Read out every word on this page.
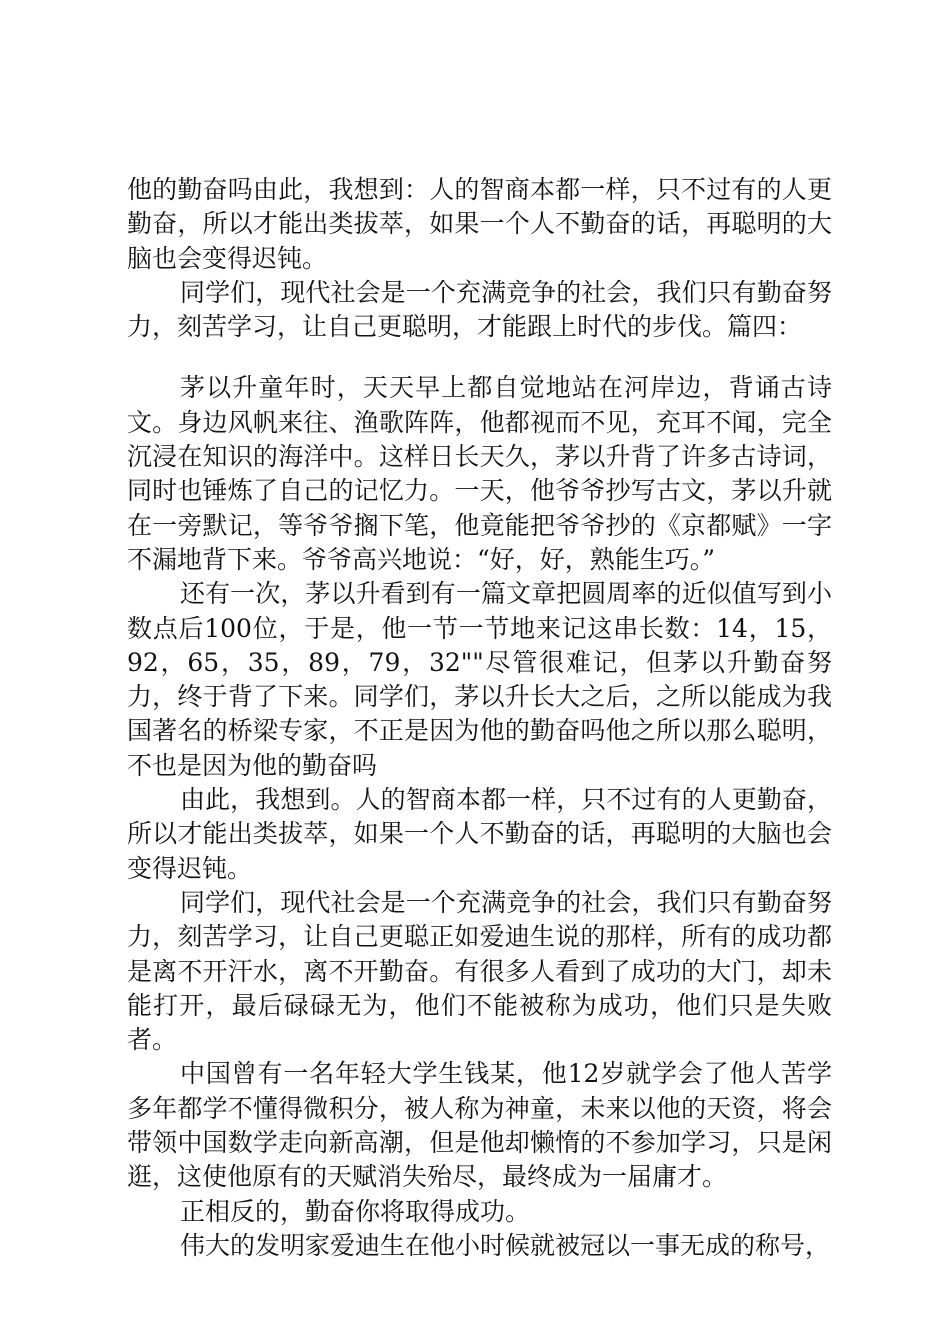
他的勤奋吗由此，我想到：人的智商本都一样，只不过有的人更勤奋，所以才能出类拔萃，如果一个人不勤奋的话，再聪明的大脑也会变得迟钝。

同学们，现代社会是一个充满竞争的社会，我们只有勤奋努力，刻苦学习，让自己更聪明，才能跟上时代的步伐。篇四：

茅以升童年时，天天早上都自觉地站在河岸边，背诵古诗文。身边风帆来往、渔歌阵阵，他都视而不见，充耳不闻，完全沉浸在知识的海洋中。这样日长天久，茅以升背了许多古诗词，同时也锤炼了自己的记忆力。一天，他爷爷抄写古文，茅以升就在一旁默记，等爷爷搁下笔，他竟能把爷爷抄的《京都赋》一字不漏地背下来。爷爷高兴地说：“好，好，熟能生巧。”

还有一次，茅以升看到有一篇文章把圆周率的近似值写到小数点后100位，于是，他一节一节地来记这串长数：14，15，92，65，35，89，79，32""尽管很难记，但茅以升勤奋努力，终于背了下来。同学们，茅以升长大之后，之所以能成为我国著名的桥梁专家，不正是因为他的勤奋吗他之所以那么聪明，不也是因为他的勤奋吗

由此，我想到。人的智商本都一样，只不过有的人更勤奋，所以才能出类拔萃，如果一个人不勤奋的话，再聪明的大脑也会变得迟钝。

同学们，现代社会是一个充满竞争的社会，我们只有勤奋努力，刻苦学习，让自己更聪正如爱迪生说的那样，所有的成功都是离不开汗水，离不开勤奋。有很多人看到了成功的大门，却未能打开，最后碌碌无为，他们不能被称为成功，他们只是失败者。

中国曾有一名年轻大学生钱某，他12岁就学会了他人苦学多年都学不懂得微积分，被人称为神童，未来以他的天资，将会带领中国数学走向新高潮，但是他却懒惰的不参加学习，只是闲逛，这使他原有的天赋消失殆尽，最终成为一届庸才。

正相反的，勤奋你将取得成功。

伟大的发明家爱迪生在他小时候就被冠以一事无成的称号，
